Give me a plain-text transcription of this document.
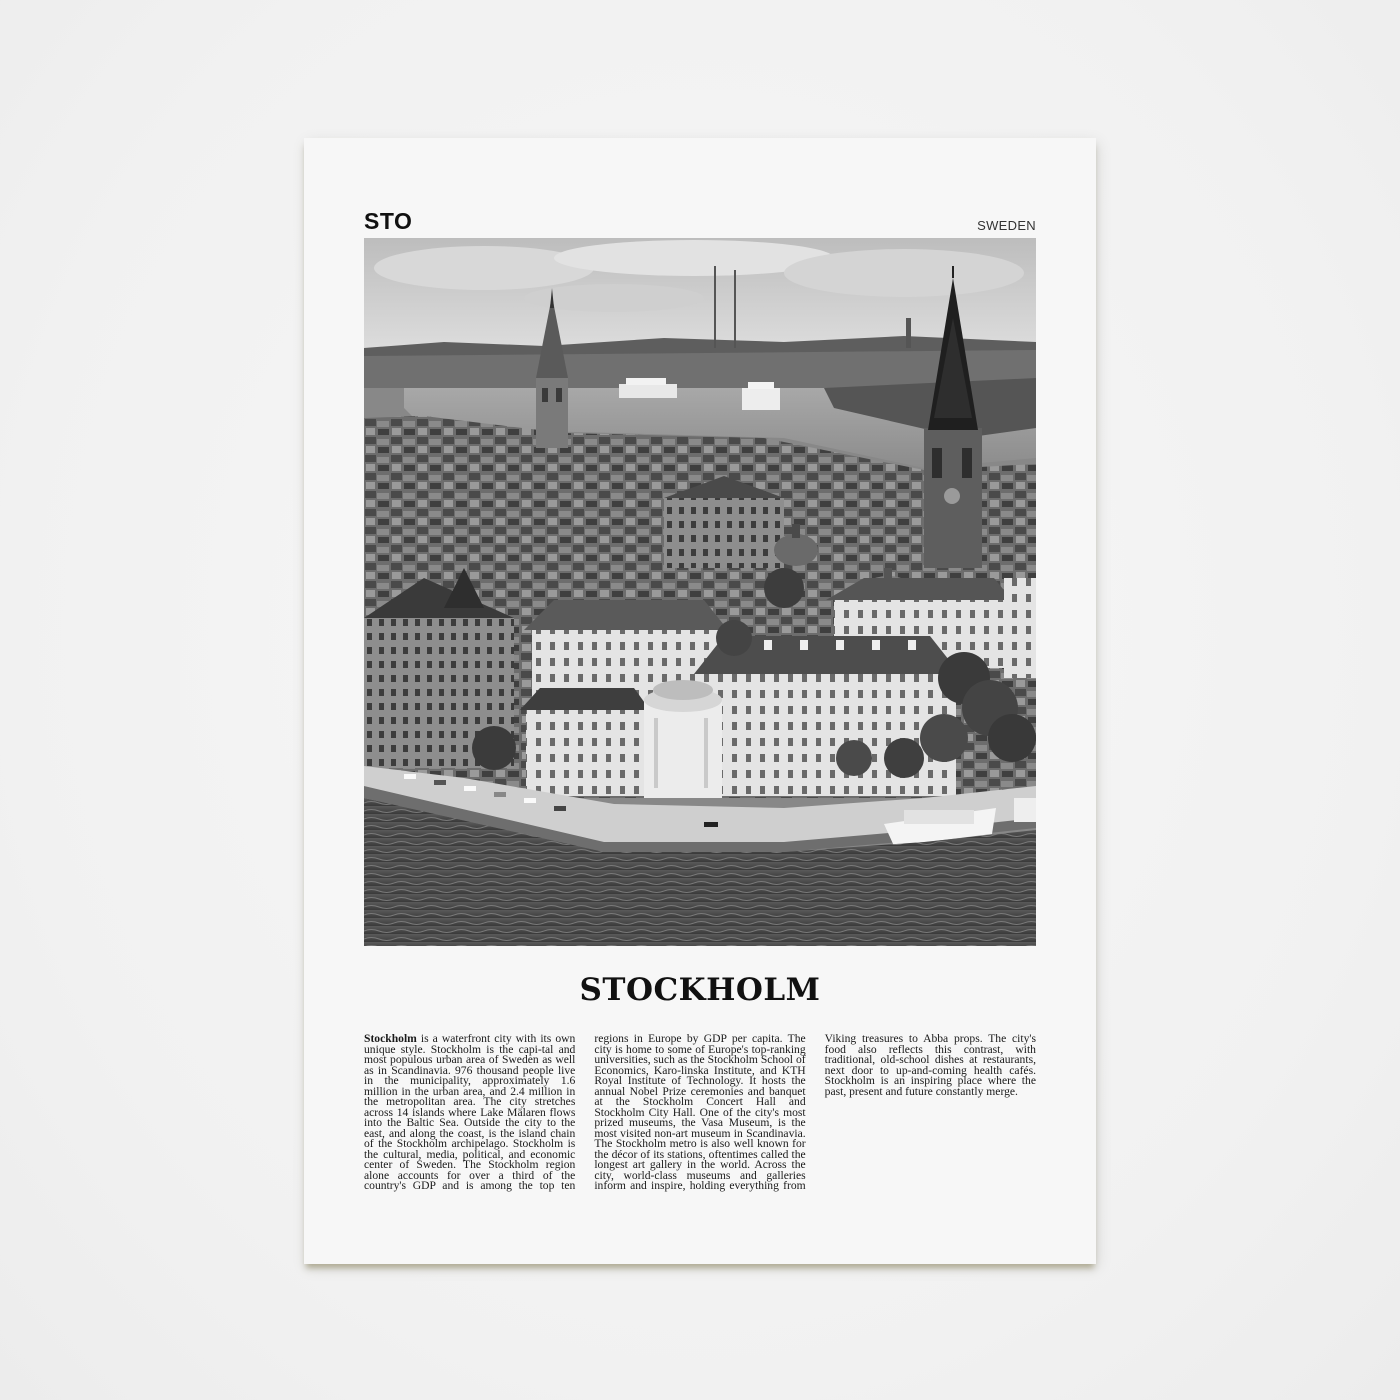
STO	SWEDEN
STOCKHOLM
Stockholm is a waterfront city with its own unique style. Stockholm is the capi-tal and most populous urban area of Sweden as well as in Scandinavia. 976 thousand people live in the municipality, approximately 1.6 million in the urban area, and 2.4 million in the metropolitan area. The city stretches across 14 islands where Lake Mälaren flows into the Baltic Sea. Outside the city to the east, and along the coast, is the island chain of the Stockholm archipelago. Stockholm is the cultural, media, political, and economic center of Sweden. The Stockholm region alone accounts for over a third of the country's GDP and is among the top ten regions in Europe by GDP per capita. The city is home to some of Europe's top-ranking universities, such as the Stockholm School of Economics, Karo-linska Institute, and KTH Royal Institute of Technology. It hosts the annual Nobel Prize ceremonies and banquet at the Stockholm Concert Hall and Stockholm City Hall. One of the city's most prized museums, the Vasa Museum, is the most visited non-art museum in Scandinavia. The Stockholm metro is also well known for the décor of its stations, oftentimes called the longest art gallery in the world. Across the city, world-class museums and galleries inform and inspire, holding everything from Viking treasures to Abba props. The city's food also reflects this contrast, with traditional, old-school dishes at restaurants, next door to up-and-coming health cafés. Stockholm is an inspiring place where the past, present and future constantly merge.
